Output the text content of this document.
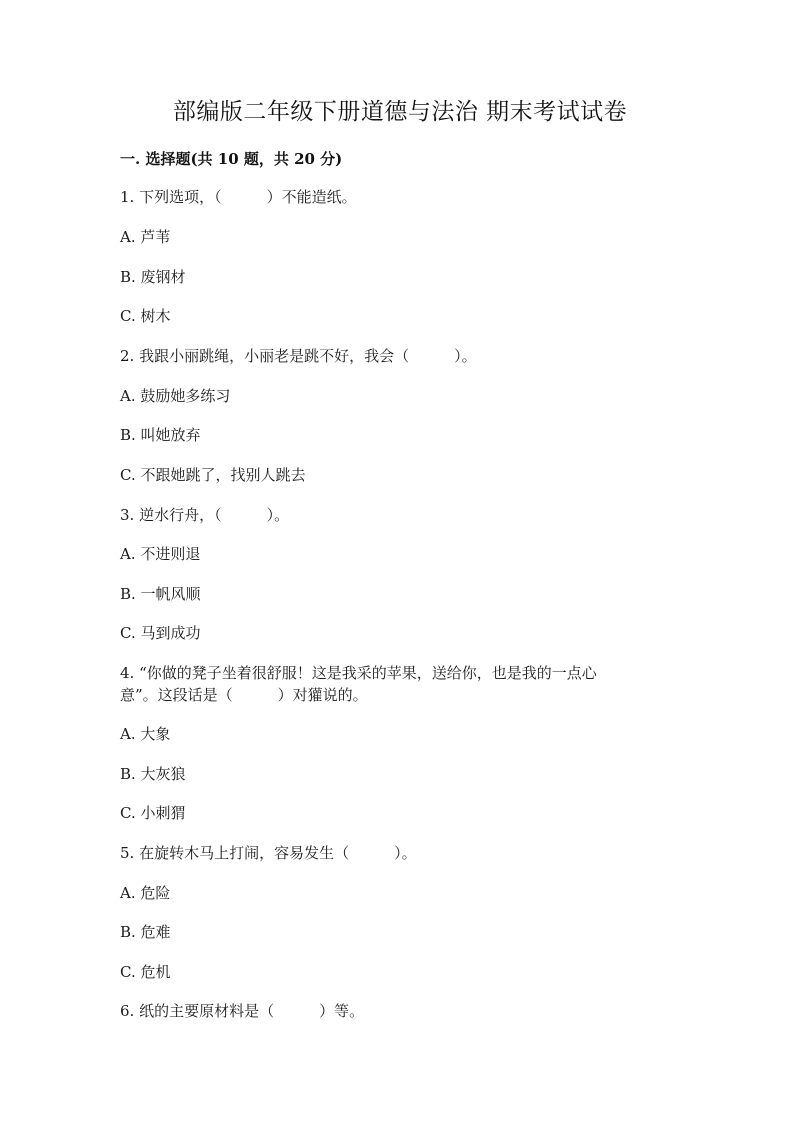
部编版二年级下册道德与法治 期末考试试卷
一. 选择题(共 10 题，共 20 分)
1. 下列选项，（　　　）不能造纸。
A. 芦苇
B. 废钢材
C. 树木
2. 我跟小丽跳绳，小丽老是跳不好，我会（　　　）。
A. 鼓励她多练习
B. 叫她放弃
C. 不跟她跳了，找别人跳去
3. 逆水行舟，（　　　）。
A. 不进则退
B. 一帆风顺
C. 马到成功
4. “你做的凳子坐着很舒服！这是我采的苹果，送给你，也是我的一点心
意”。这段话是（　　　）对獾说的。
A. 大象
B. 大灰狼
C. 小刺猬
5. 在旋转木马上打闹，容易发生（　　　）。
A. 危险
B. 危难
C. 危机
6. 纸的主要原材料是（　　　）等。
